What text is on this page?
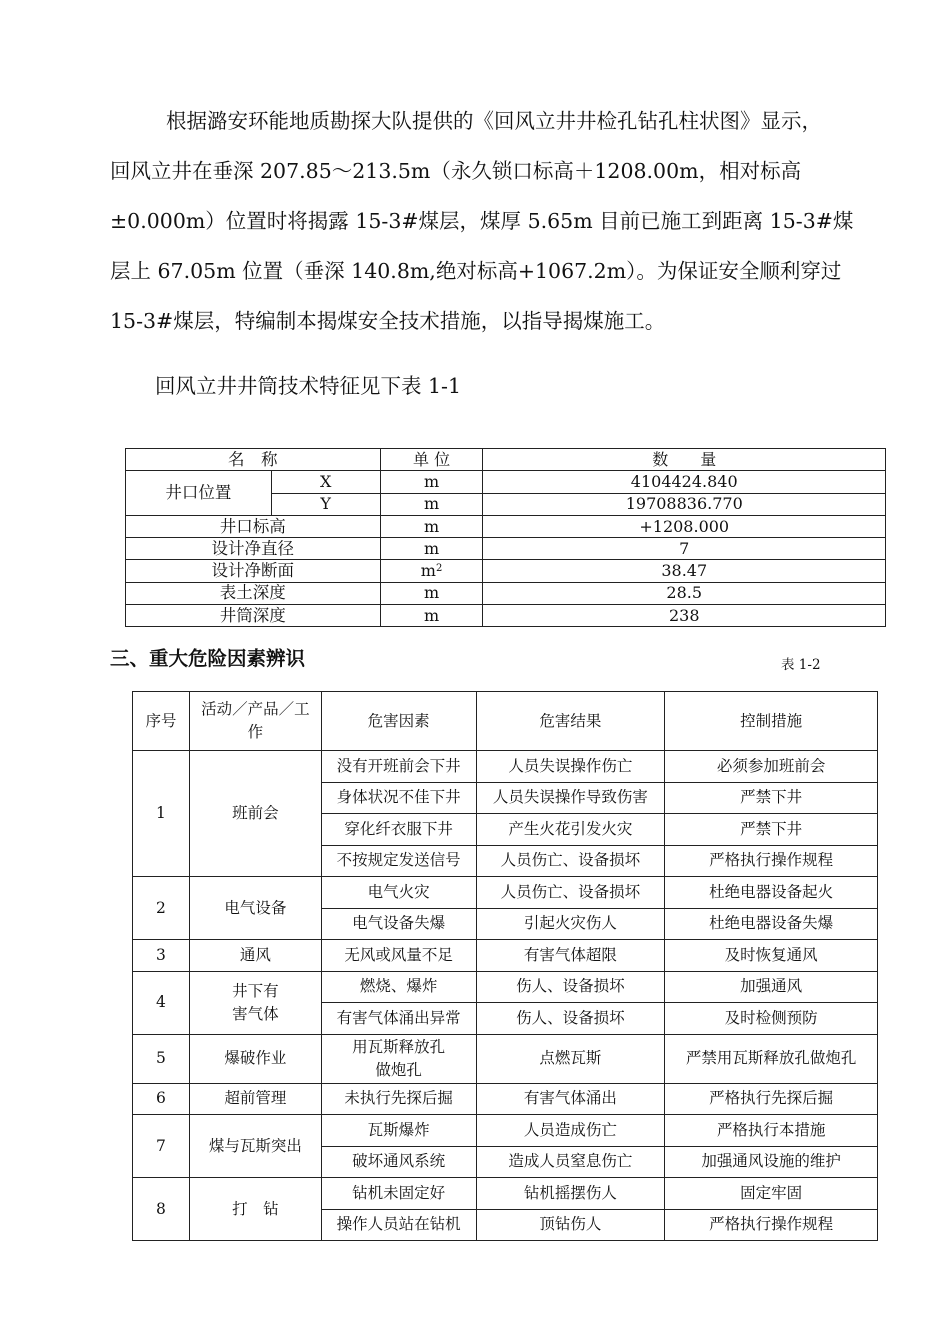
根据潞安环能地质勘探大队提供的《回风立井井检孔钻孔柱状图》显示，
回风立井在垂深 207.85～213.5m（永久锁口标高＋1208.00m，相对标高
±0.000m）位置时将揭露 15-3#煤层，煤厚 5.65m 目前已施工到距离 15-3#煤
层上 67.05m 位置（垂深 140.8m,绝对标高+1067.2m）。为保证安全顺利穿过
15-3#煤层，特编制本揭煤安全技术措施，以指导揭煤施工。
回风立井井筒技术特征见下表 1-1
名　称		单 位	数　　量
井口位置	X	m	4104424.840
	Y	m	19708836.770
井口标高		m	+1208.000
设计净直径		m	7
设计净断面		$m^2$	38.47
表土深度		m	28.5
井筒深度		m	238
三、重大危险因素辨识	表 1-2
序号	活动／产品／工作	危害因素	危害结果	控制措施
1	班前会	没有开班前会下井	人员失误操作伤亡	必须参加班前会
		身体状况不佳下井	人员失误操作导致伤害	严禁下井
		穿化纤衣服下井	产生火花引发火灾	严禁下井
		不按规定发送信号	人员伤亡、设备损坏	严格执行操作规程
2	电气设备	电气火灾	人员伤亡、设备损坏	杜绝电器设备起火
		电气设备失爆	引起火灾伤人	杜绝电器设备失爆
3	通风	无风或风量不足	有害气体超限	及时恢复通风
4	井下有
害气体	燃烧、爆炸	伤人、设备损坏	加强通风
		有害气体涌出异常	伤人、设备损坏	及时检侧预防
5	爆破作业	用瓦斯释放孔
做炮孔	点燃瓦斯	严禁用瓦斯释放孔做炮孔
6	超前管理	未执行先探后掘	有害气体涌出	严格执行先探后掘
7	煤与瓦斯突出	瓦斯爆炸	人员造成伤亡	严格执行本措施
		破坏通风系统	造成人员窒息伤亡	加强通风设施的维护
8	打　钻	钻机未固定好	钻机摇摆伤人	固定牢固
		操作人员站在钻机	顶钻伤人	严格执行操作规程
